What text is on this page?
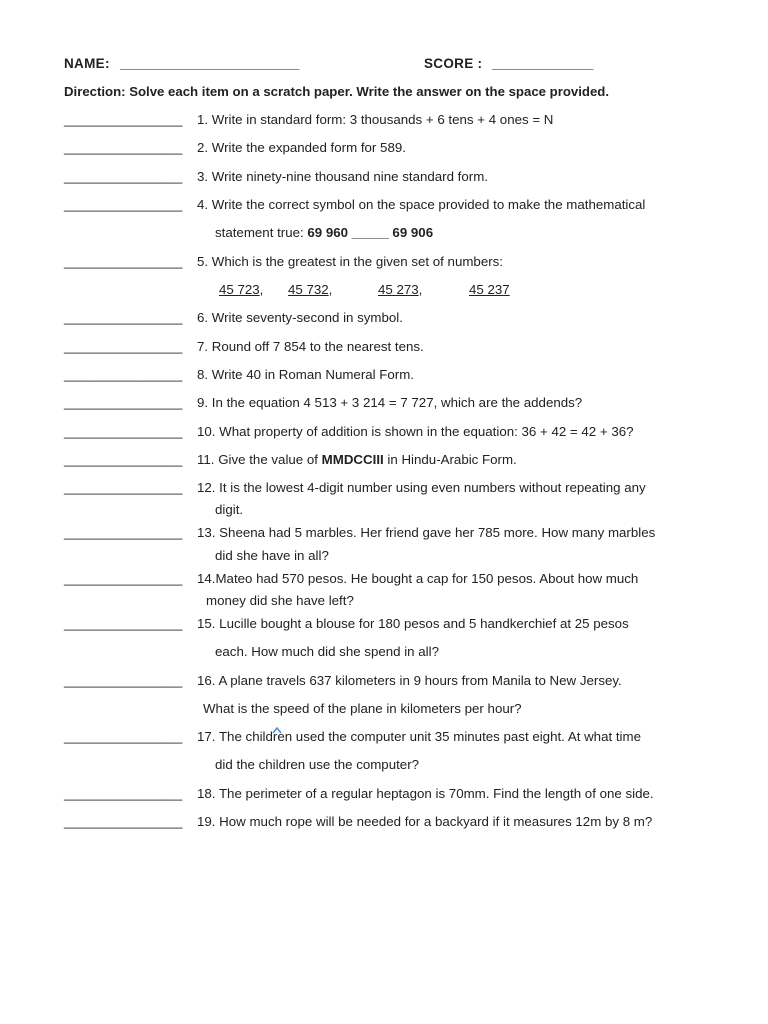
NAME: _______________________	SCORE : _____________
Direction: Solve each item on a scratch paper. Write the answer on the space provided.
________________ 1. Write in standard form: 3 thousands + 6 tens + 4 ones = N
________________ 2. Write the expanded form for 589.
________________ 3. Write ninety-nine thousand nine standard form.
________________ 4. Write the correct symbol on the space provided to make the mathematical
statement true: 69 960 _____ 69 906
________________ 5. Which is the greatest in the given set of numbers:
45 723, 45 732,	45 273,	45 237
________________ 6. Write seventy-second in symbol.
________________ 7. Round off 7 854 to the nearest tens.
________________ 8. Write 40 in Roman Numeral Form.
________________ 9. In the equation 4 513 + 3 214 = 7 727, which are the addends?
________________ 10. What property of addition is shown in the equation: 36 + 42 = 42 + 36?
________________ 11. Give the value of MMDCCIII in Hindu-Arabic Form.
________________ 12. It is the lowest 4-digit number using even numbers without repeating any
digit.
________________ 13. Sheena had 5 marbles. Her friend gave her 785 more. How many marbles
did she have in all?
________________ 14.Mateo had 570 pesos. He bought a cap for 150 pesos. About how much
money did she have left?
________________ 15. Lucille bought a blouse for 180 pesos and 5 handkerchief at 25 pesos
each. How much did she spend in all?
________________ 16. A plane travels 637 kilometers in 9 hours from Manila to New Jersey.
What is the speed of the plane in kilometers per hour?
________________ 17. The children used the computer unit 35 minutes past eight. At what time
did the children use the computer?
________________ 18. The perimeter of a regular heptagon is 70mm. Find the length of one side.
________________ 19. How much rope will be needed for a backyard if it measures 12m by 8 m?
